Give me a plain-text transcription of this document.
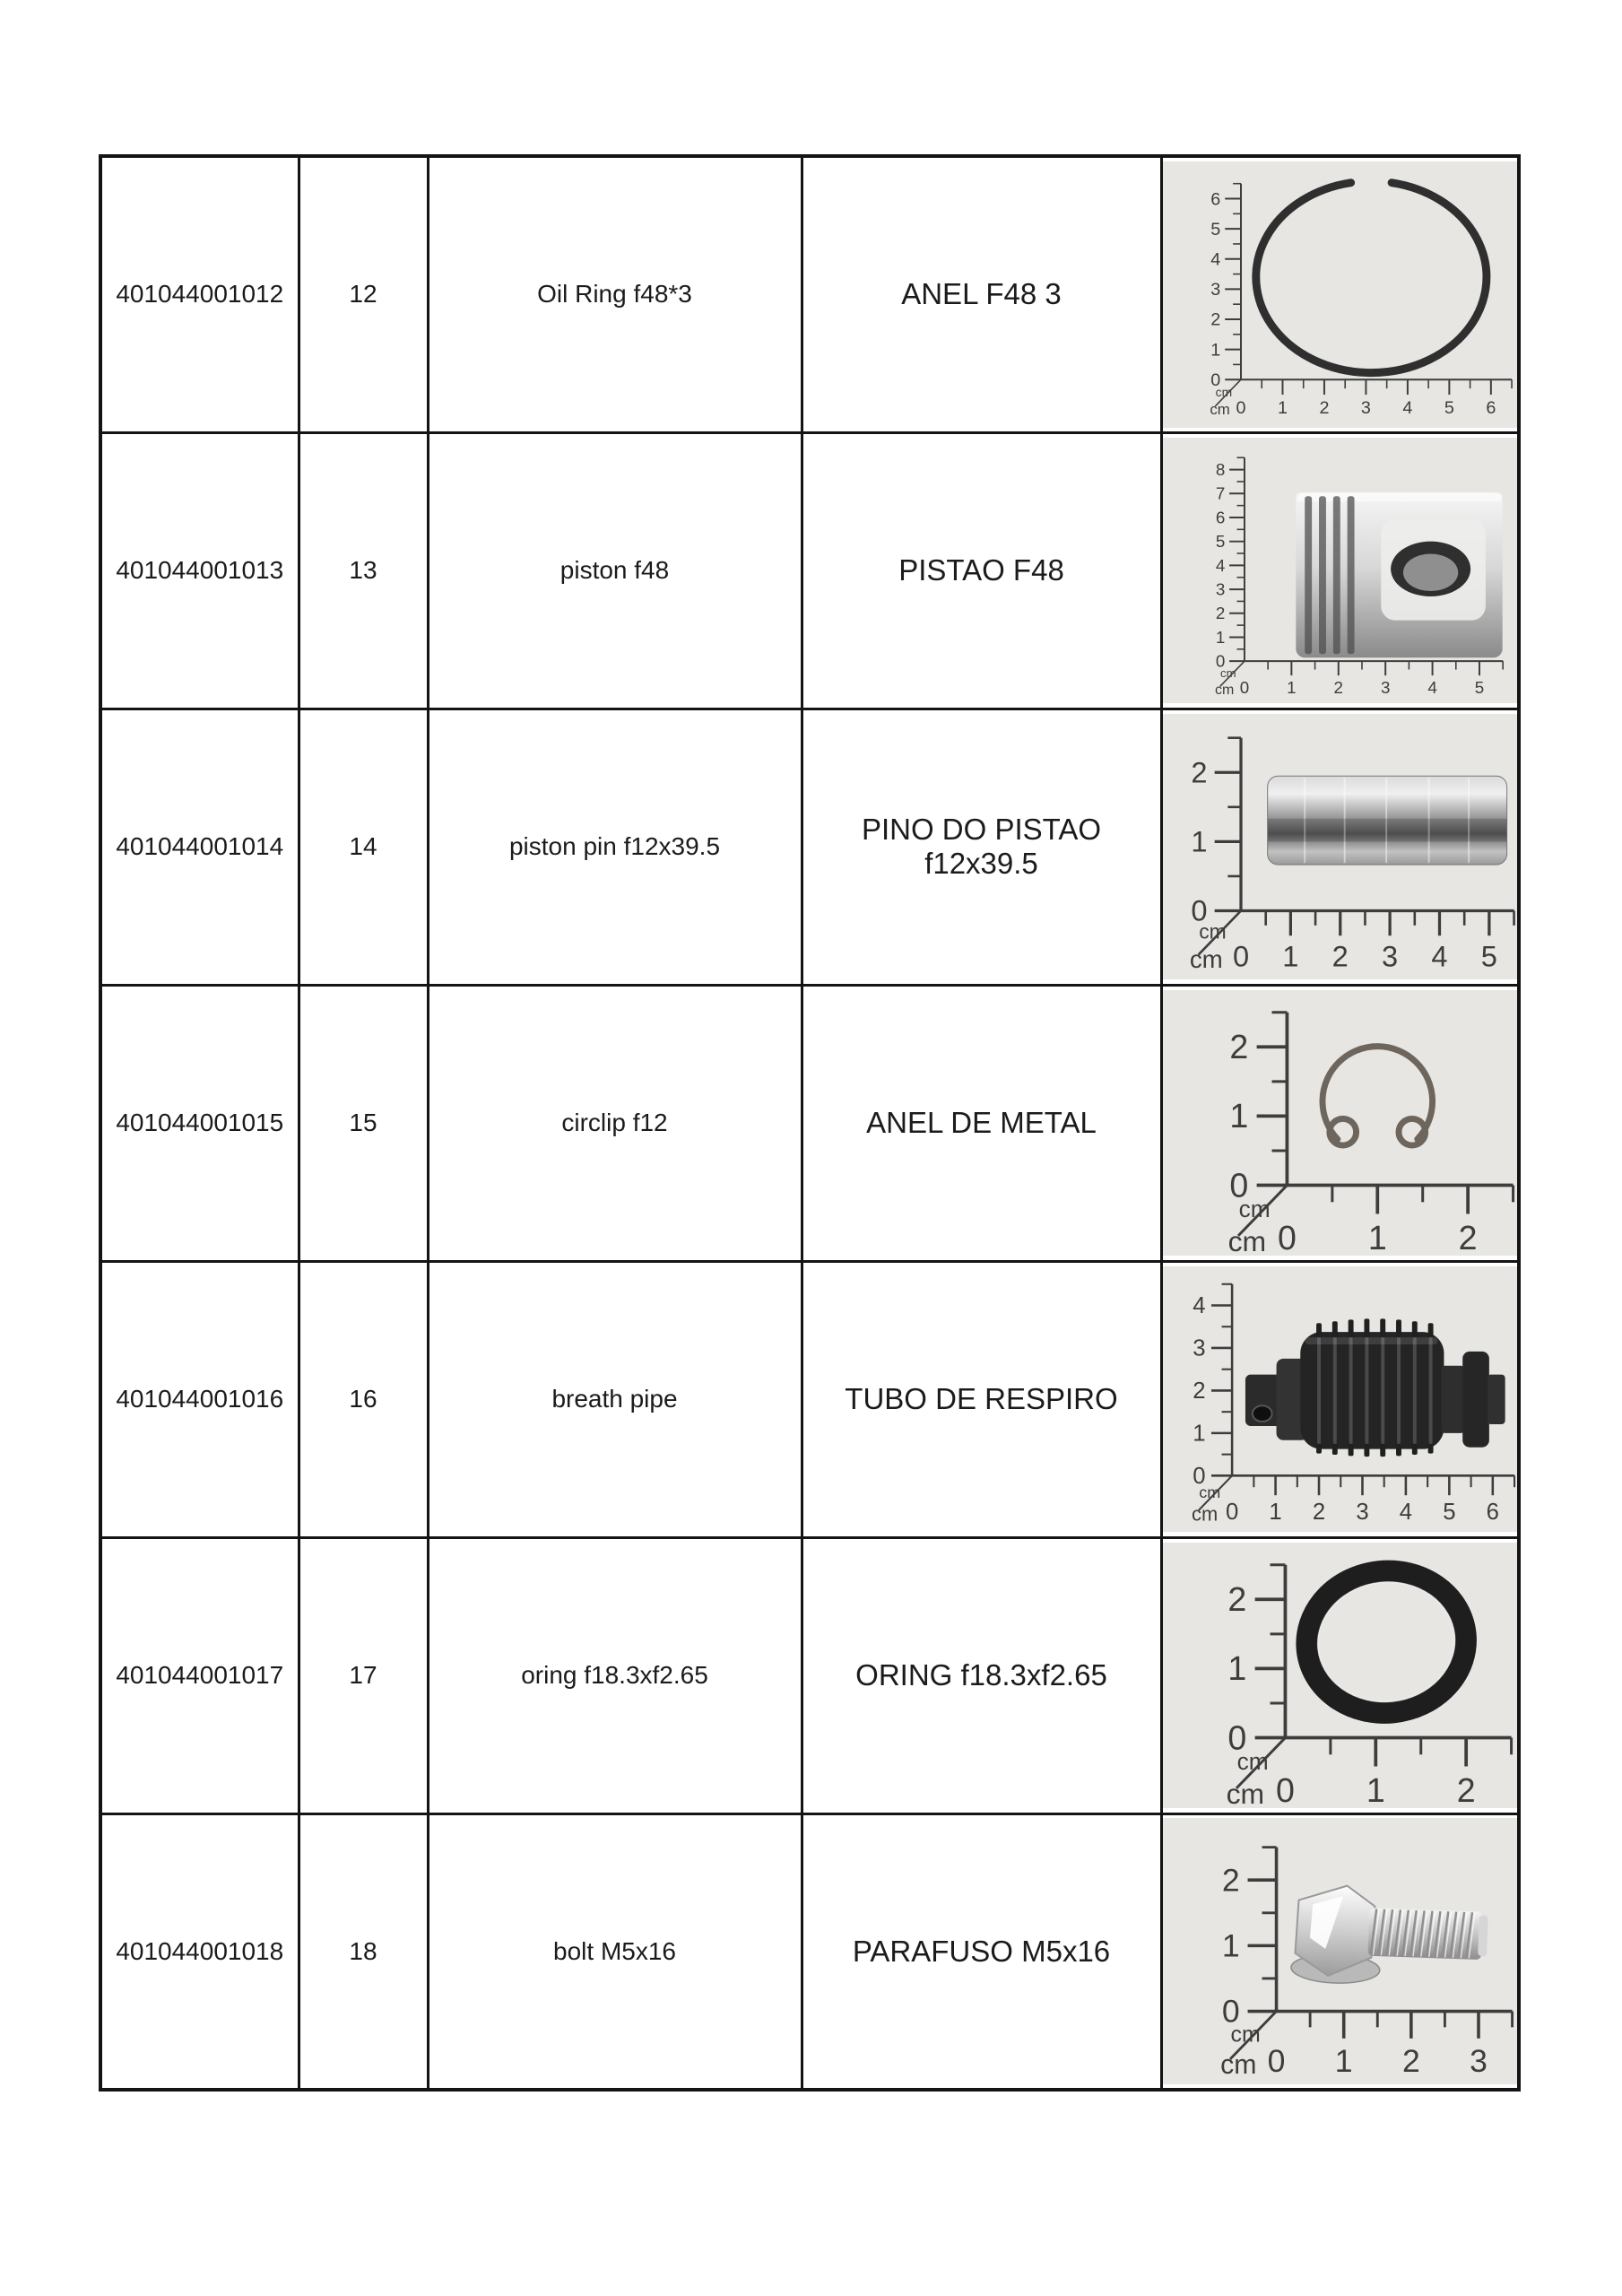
401044001012	12	Oil Ring f48*3	ANEL F48 3	
0
1
2
3
4
5
6
0 1 2 3 4 5 6
cm
cm

401044001013	13	piston f48	PISTAO F48	
0
1
2
3
4
5
6
7
8
0 1 2 3 4 5
cm
cm

401044001014	14	piston pin f12x39.5	PINO DO PISTAO  f12x39.5	
0
1
2
0 1 2 3 4 5
cm
cm

401044001015	15	circlip f12	ANEL DE METAL	
0
1
2
0 1 2
cm
cm

401044001016	16	breath pipe	TUBO DE RESPIRO	
0
1
2
3
4
0 1 2 3 4 5 6
cm
cm

401044001017	17	oring f18.3xf2.65	ORING f18.3xf2.65	
0
1
2
0 1 2
cm
cm

401044001018	18	bolt M5x16	PARAFUSO M5x16	
0
1
2
0 1 2 3
cm
cm
